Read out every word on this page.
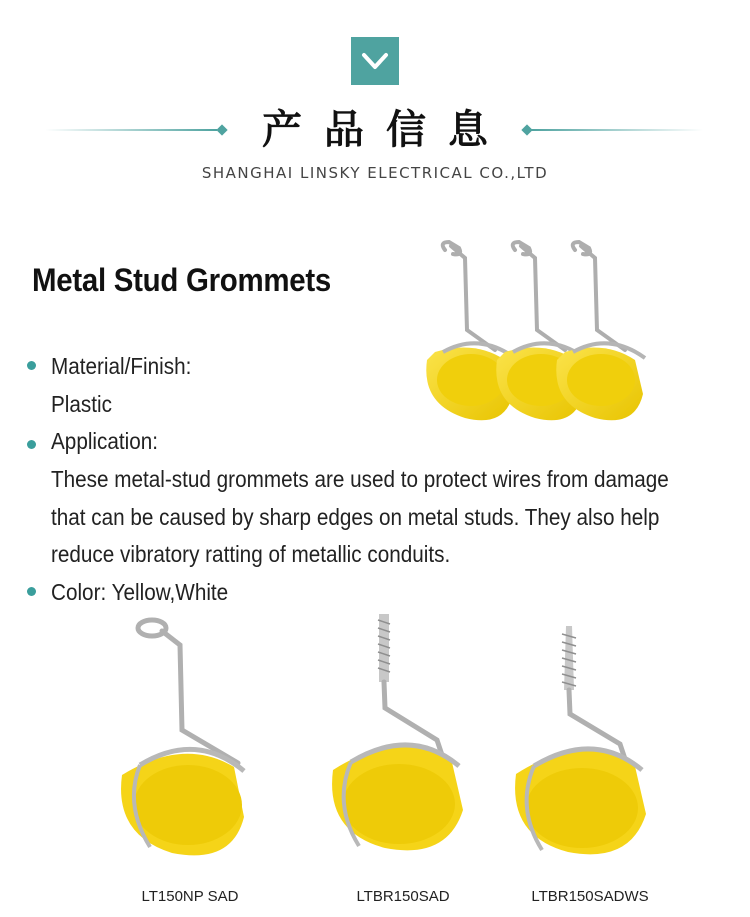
产品信息
SHANGHAI LINSKY ELECTRICAL CO.,LTD
Metal Stud Grommets
Material/Finish:
Plastic
Application:
These metal-stud grommets are used to protect wires from damage
that can be caused by sharp edges on metal studs. They also help
reduce vibratory ratting of metallic conduits.
Color: Yellow,White
LT150NP SAD	LTBR150SAD	LTBR150SADWS
